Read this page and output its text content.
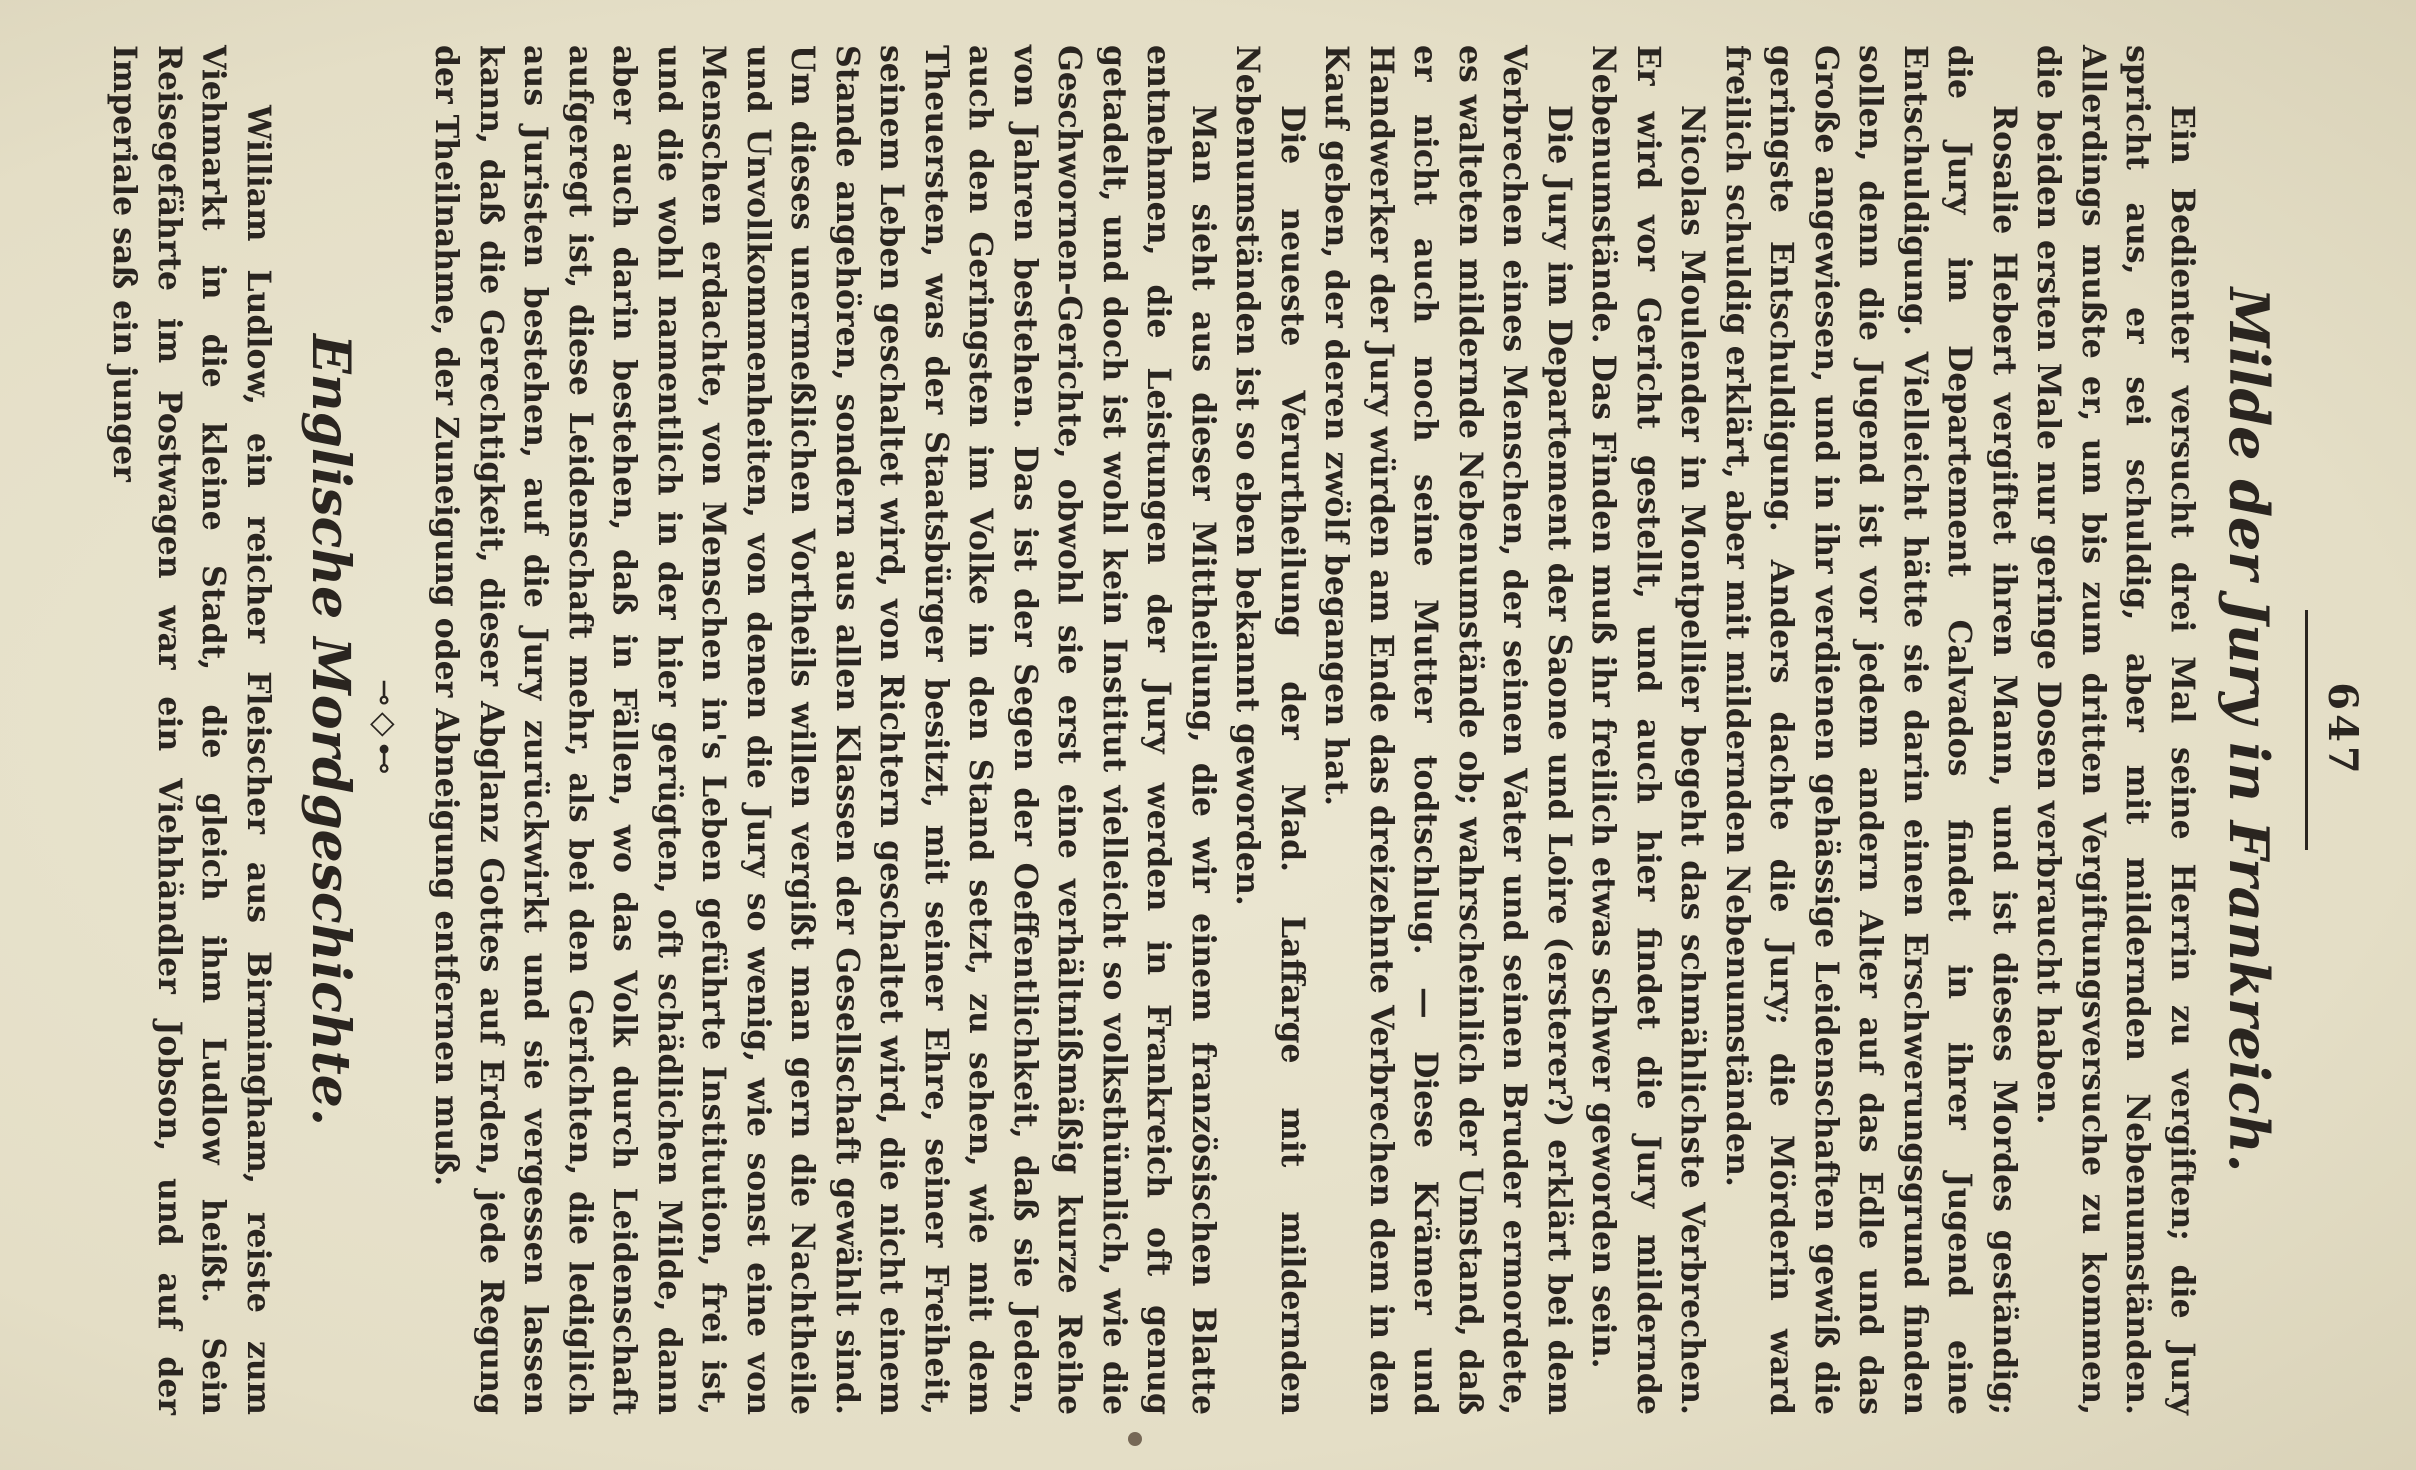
647
Milde der Jury in Frankreich.

Ein Bedienter versucht drei Mal seine Herrin zu vergiften; die Jury spricht aus, er sei schuldig, aber mit mildernden Nebenumständen. Allerdings mußte er, um bis zum dritten Vergiftungsversuche zu kommen, die beiden ersten Male nur geringe Dosen verbraucht haben.

Rosalie Hebert vergiftet ihren Mann, und ist dieses Mordes geständig; die Jury im Departement Calvados findet in ihrer Jugend eine Entschuldigung. Vielleicht hätte sie darin einen Erschwerungsgrund finden sollen, denn die Jugend ist vor jedem andern Alter auf das Edle und das Große angewiesen, und in ihr verdienen gehässige Leidenschaften gewiß die geringste Entschuldigung. Anders dachte die Jury; die Mörderin ward freilich schuldig erklärt, aber mit mildernden Nebenumständen.

Nicolas Moulender in Montpellier begeht das schmählichste Verbrechen. Er wird vor Gericht gestellt, und auch hier findet die Jury mildernde Nebenumstände. Das Finden muß ihr freilich etwas schwer geworden sein.

Die Jury im Departement der Saone und Loire (ersterer?) erklärt bei dem Verbrechen eines Menschen, der seinen Vater und seinen Bruder ermordete, es walteten mildernde Nebenumstände ob; wahrscheinlich der Umstand, daß er nicht auch noch seine Mutter todtschlug. — Diese Krämer und Handwerker der Jury würden am Ende das dreizehnte Verbrechen dem in den Kauf geben, der deren zwölf begangen hat.

Die neueste Verurtheilung der Mad. Laffarge mit mildernden Nebenumständen ist so eben bekannt geworden.

Man sieht aus dieser Mittheilung, die wir einem französischen Blatte entnehmen, die Leistungen der Jury werden in Frankreich oft genug getadelt, und doch ist wohl kein Institut vielleicht so volksthümlich, wie die Geschwornen-Gerichte, obwohl sie erst eine verhältnißmäßig kurze Reihe von Jahren bestehen. Das ist der Segen der Oeffentlichkeit, daß sie Jeden, auch den Geringsten im Volke in den Stand setzt, zu sehen, wie mit dem Theuersten, was der Staatsbürger besitzt, mit seiner Ehre, seiner Freiheit, seinem Leben geschaltet wird, von Richtern geschaltet wird, die nicht einem Stande angehören, sondern aus allen Klassen der Gesellschaft gewählt sind. Um dieses unermeßlichen Vortheils willen vergißt man gern die Nachtheile und Unvollkommenheiten, von denen die Jury so wenig, wie sonst eine von Menschen erdachte, von Menschen in's Leben geführte Institution, frei ist, und die wohl namentlich in der hier gerügten, oft schädlichen Milde, dann aber auch darin bestehen, daß in Fällen, wo das Volk durch Leidenschaft aufgeregt ist, diese Leidenschaft mehr, als bei den Gerichten, die lediglich aus Juristen bestehen, auf die Jury zurückwirkt und sie vergessen lassen kann, daß die Gerechtigkeit, dieser Abglanz Gottes auf Erden, jede Regung der Theilnahme, der Zuneigung oder Abneigung entfernen muß.

⊸◇⊷
Englische Mordgeschichte.

William Ludlow, ein reicher Fleischer aus Birmingham, reiste zum Viehmarkt in die kleine Stadt, die gleich ihm Ludlow heißt. Sein Reisegefährte im Postwagen war ein Viehhändler Jobson, und auf der Imperiale saß ein junger
